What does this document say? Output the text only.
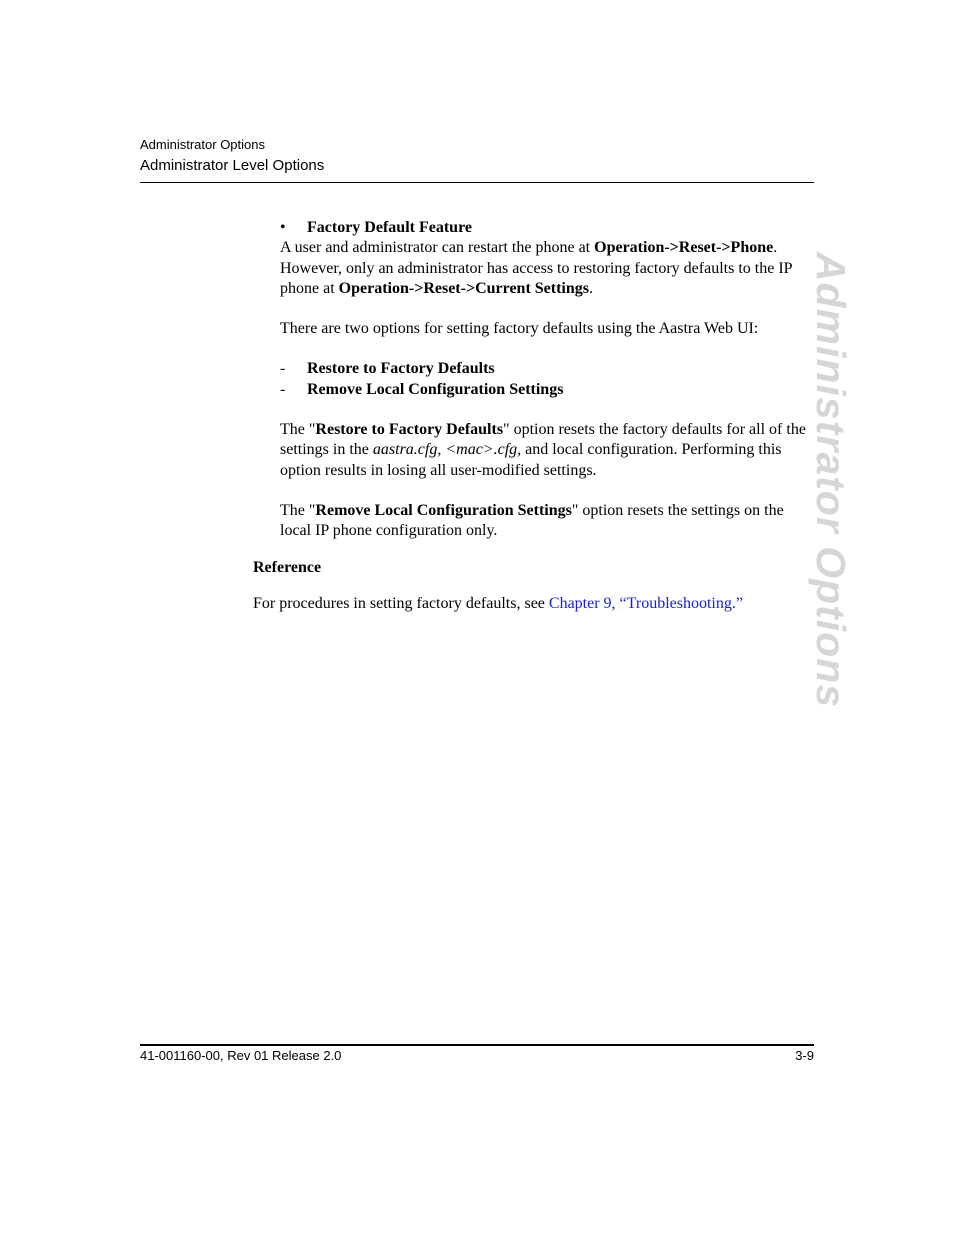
Administrator Options
Administrator Level Options
Administrator Options

• Factory Default Feature

A user and administrator can restart the phone at Operation->Reset->Phone. However, only an administrator has access to restoring factory defaults to the IP phone at Operation->Reset->Current Settings.

There are two options for setting factory defaults using the Aastra Web UI:

- Restore to Factory Defaults

- Remove Local Configuration Settings

The "Restore to Factory Defaults" option resets the factory defaults for all of the settings in the aastra.cfg, <mac>.cfg, and local configuration. Performing this option results in losing all user-modified settings.

The "Remove Local Configuration Settings" option resets the settings on the local IP phone configuration only.

Reference
For procedures in setting factory defaults, see Chapter 9, “Troubleshooting.”
41-001160-00, Rev 01 Release 2.0	3-9
